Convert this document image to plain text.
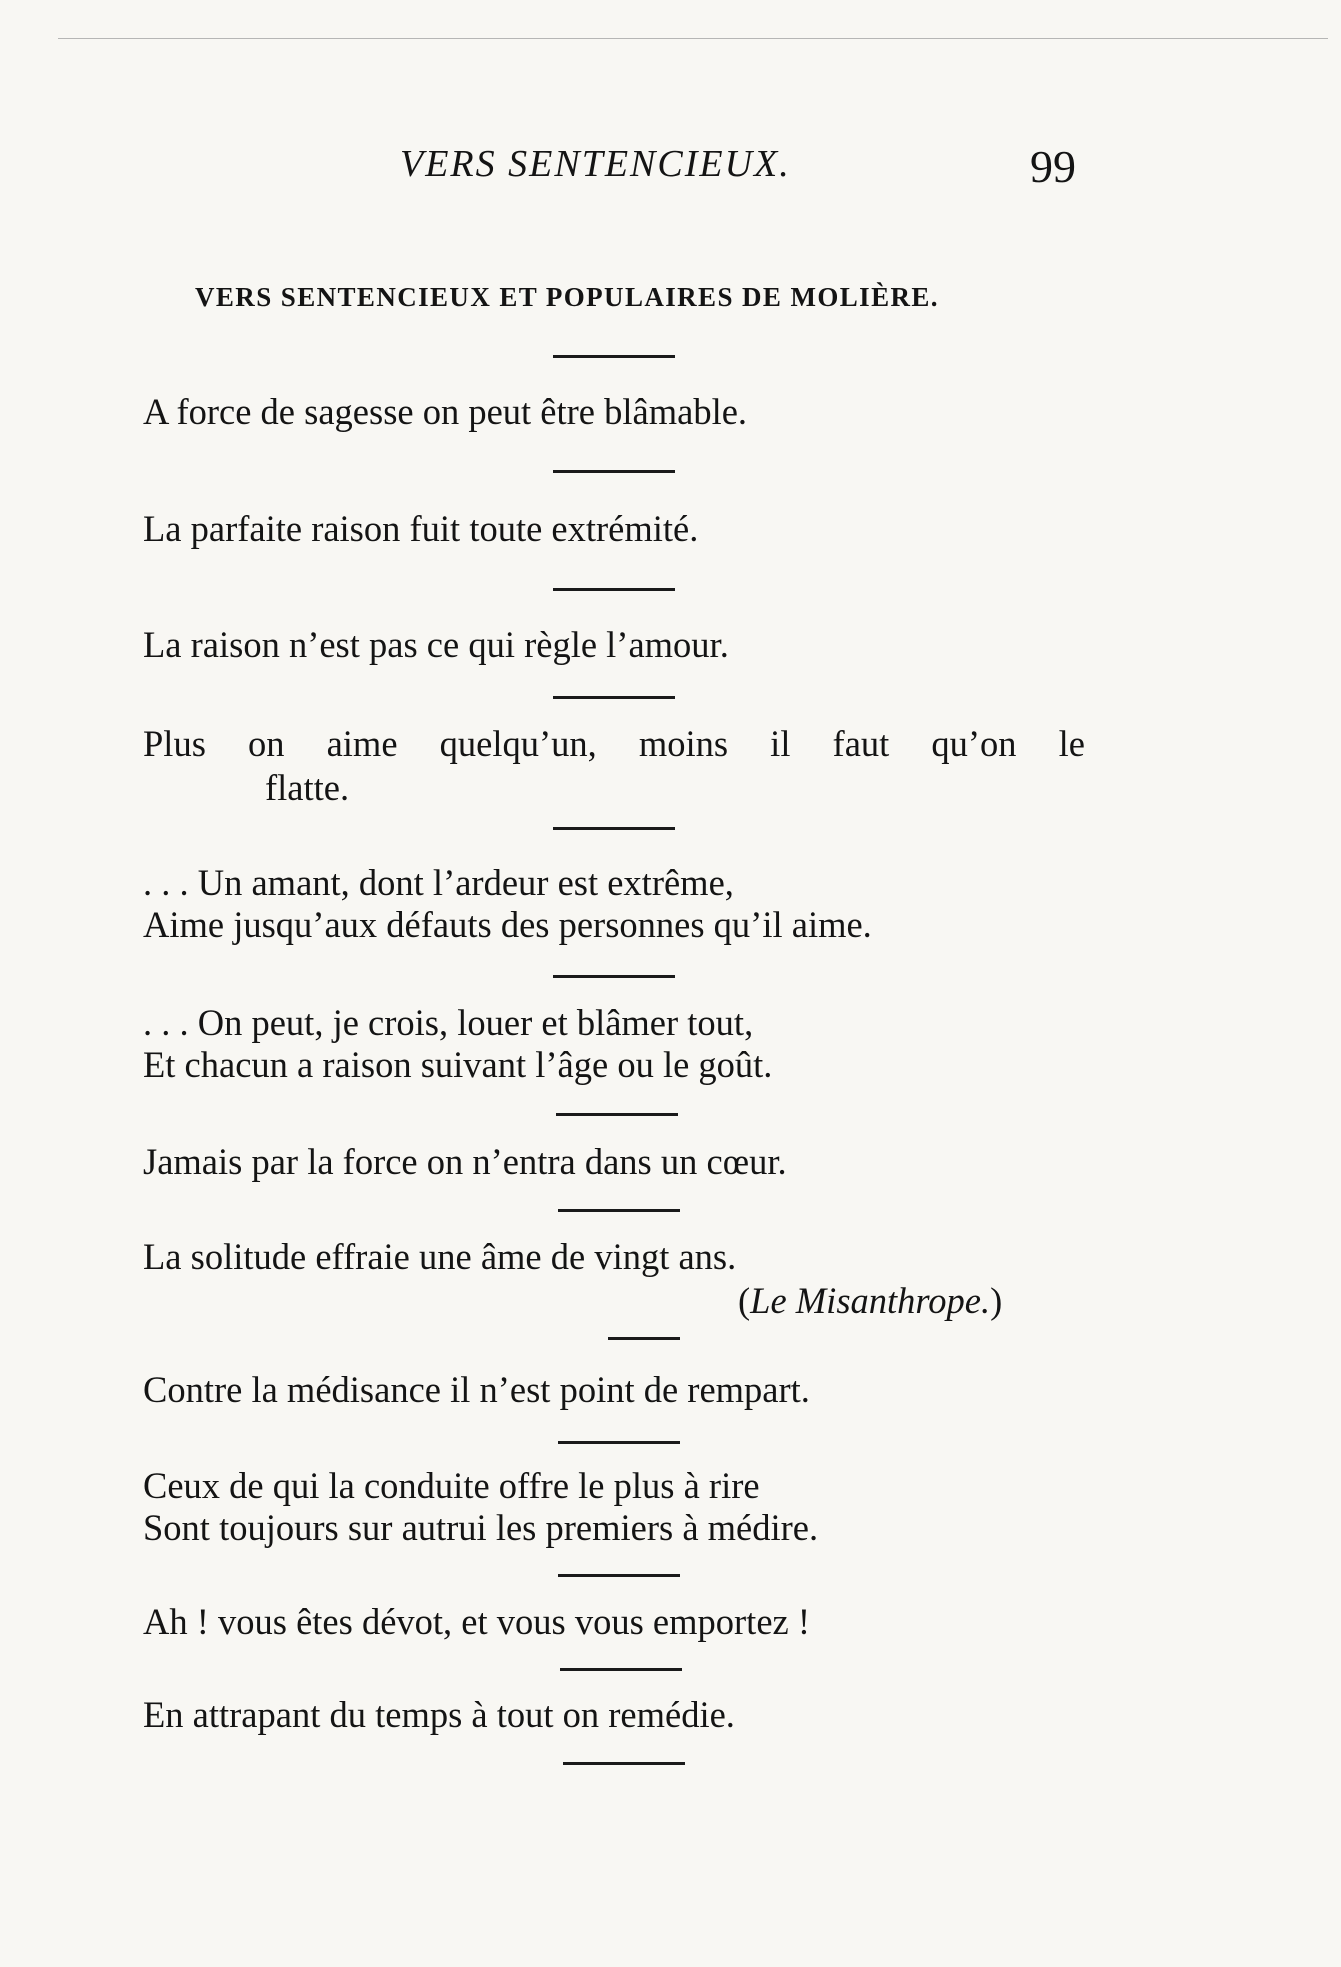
VERS SENTENCIEUX.	99
VERS SENTENCIEUX ET POPULAIRES DE MOLIÈRE.
A force de sagesse on peut être blâmable.
La parfaite raison fuit toute extrémité.
La raison n’est pas ce qui règle l’amour.
Plus on aime quelqu’un, moins il faut qu’on le
flatte.
. . . Un amant, dont l’ardeur est extrême,
Aime jusqu’aux défauts des personnes qu’il aime.
. . . On peut, je crois, louer et blâmer tout,
Et chacun a raison suivant l’âge ou le goût.
Jamais par la force on n’entra dans un cœur.
La solitude effraie une âme de vingt ans.
(Le Misanthrope.)
Contre la médisance il n’est point de rempart.
Ceux de qui la conduite offre le plus à rire
Sont toujours sur autrui les premiers à médire.
Ah ! vous êtes dévot, et vous vous emportez !
En attrapant du temps à tout on remédie.
